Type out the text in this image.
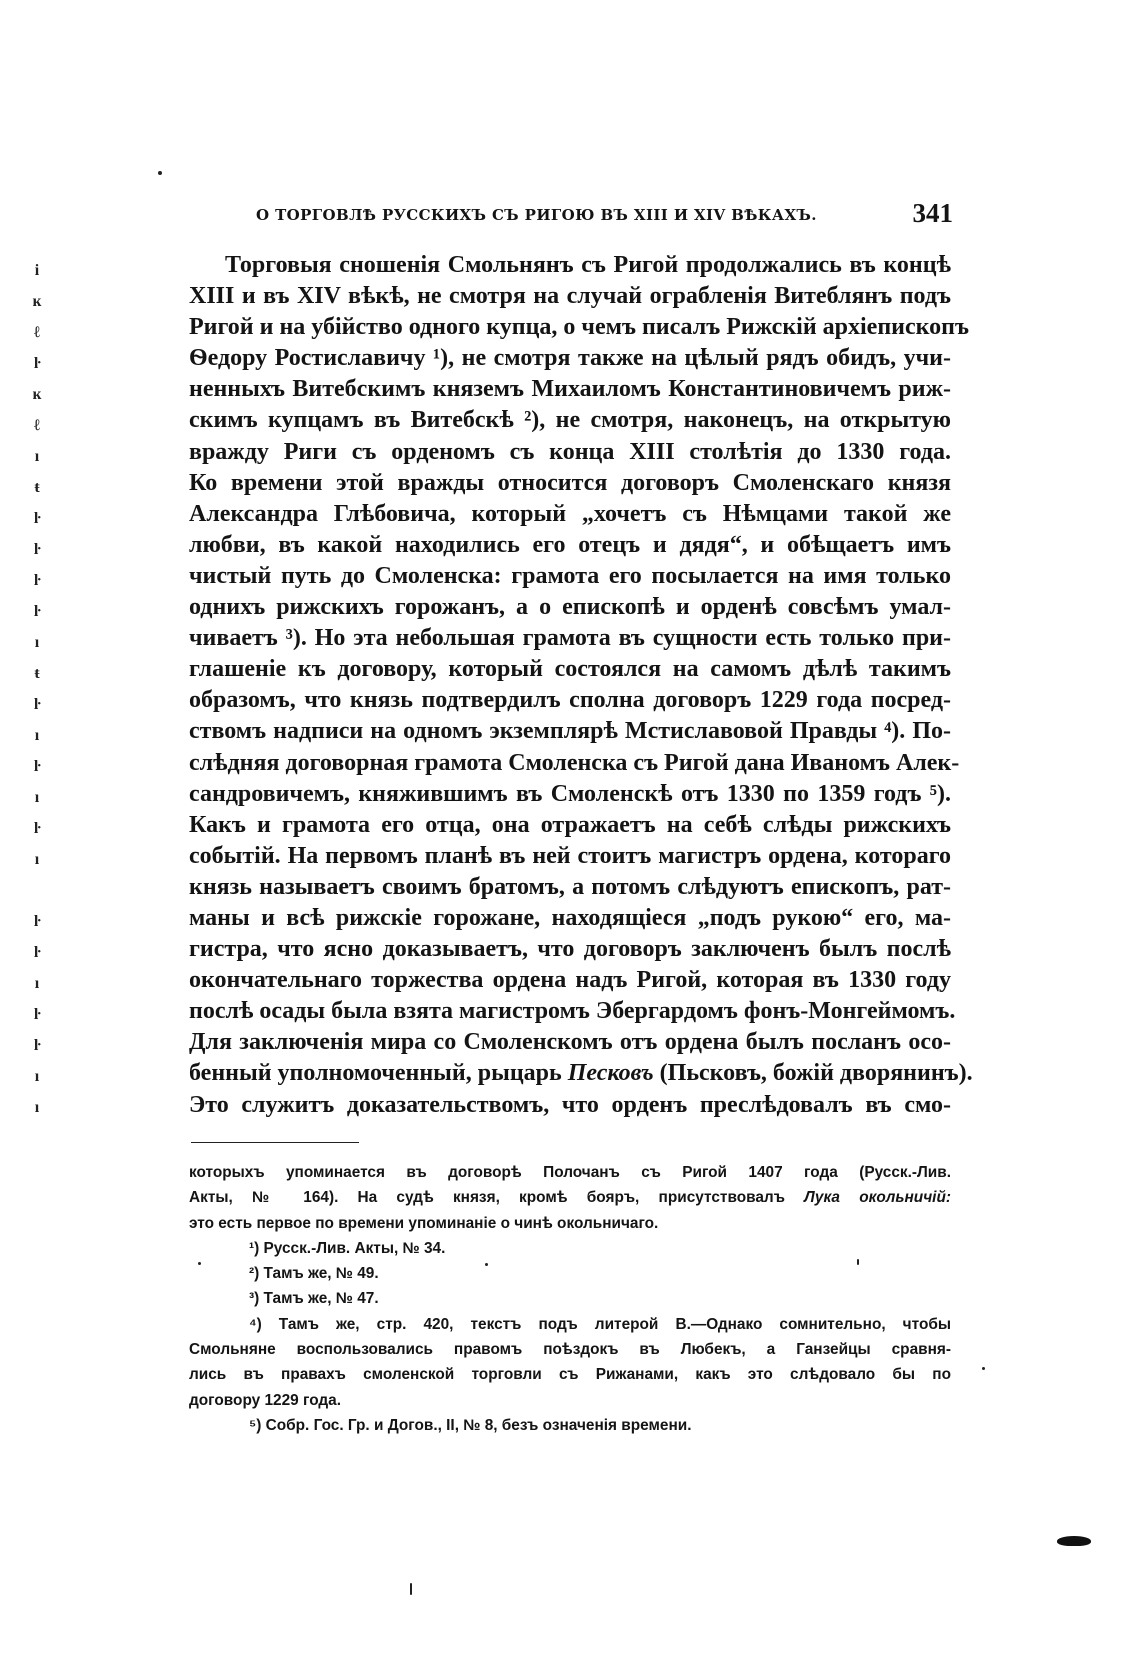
О ТОРГОВЛѢ РУССКИХЪ СЪ РИГОЮ ВЪ XIII И XIV ВѢКАХЪ.	341
i
ĸ
ℓ
ŀ
ĸ
ℓ
ı
ŧ
ŀ
ŀ
ŀ
ŀ
ı
ŧ
ŀ
ı
ŀ
ı
ŀ
ı
ŀ
ŀ
ı
ŀ
ŀ
ı
ı
Торговыя сношенія Смольнянъ съ Ригой продолжались въ концѣ
XIII и въ XIV вѣкѣ, не смотря на случай ограбленія Витеблянъ подъ
Ригой и на убійство одного купца, о чемъ писалъ Рижскій архіепископъ
Ѳедору Ростиславичу ¹), не смотря также на цѣлый рядъ обидъ, учи-
ненныхъ Витебскимъ княземъ Михаиломъ Константиновичемъ риж-
скимъ купцамъ въ Витебскѣ ²), не смотря, наконецъ, на открытую
вражду Риги съ орденомъ съ конца XIII столѣтія до 1330 года.
Ко времени этой вражды относится договоръ Смоленскаго князя
Александра Глѣбовича, который „хочетъ съ Нѣмцами такой же
любви, въ какой находились его отецъ и дядя“, и обѣщаетъ имъ
чистый путь до Смоленска: грамота его посылается на имя только
однихъ рижскихъ горожанъ, а о епископѣ и орденѣ совсѣмъ умал-
чиваетъ ³). Но эта небольшая грамота въ сущности есть только при-
глашеніе къ договору, который состоялся на самомъ дѣлѣ такимъ
образомъ, что князь подтвердилъ сполна договоръ 1229 года посред-
ствомъ надписи на одномъ экземплярѣ Мстиславовой Правды ⁴). По-
слѣдняя договорная грамота Смоленска съ Ригой дана Иваномъ Алек-
сандровичемъ, княжившимъ въ Смоленскѣ отъ 1330 по 1359 годъ ⁵).
Какъ и грамота его отца, она отражаетъ на себѣ слѣды рижскихъ
событій. На первомъ планѣ въ ней стоитъ магистръ ордена, котораго
князь называетъ своимъ братомъ, а потомъ слѣдуютъ епископъ, рат-
маны и всѣ рижскіе горожане, находящіеся „подъ рукою“ его, ма-
гистра, что ясно доказываетъ, что договоръ заключенъ былъ послѣ
окончательнаго торжества ордена надъ Ригой, которая въ 1330 году
послѣ осады была взята магистромъ Эбергардомъ фонъ-Монгеймомъ.
Для заключенія мира со Смоленскомъ отъ ордена былъ посланъ осо-
бенный уполномоченный, рыцарь Песковъ (Пьсковъ, божій дворянинъ).
Это служитъ доказательствомъ, что орденъ преслѣдовалъ въ смо-
которыхъ упоминается въ договорѣ Полочанъ съ Ригой 1407 года (Русск.-Лив.
Акты, № 164). На судѣ князя, кромѣ бояръ, присутствовалъ Лука окольничій:
это есть первое по времени упоминаніе о чинѣ окольничаго.
¹) Русск.-Лив. Акты, № 34.
²) Тамъ же, № 49.
³) Тамъ же, № 47.
⁴) Тамъ же, стр. 420, текстъ подъ литерой В.—Однако сомнительно, чтобы
Смольняне воспользовались правомъ поѣздокъ въ Любекъ, а Ганзейцы сравня-
лись въ правахъ смоленской торговли съ Рижанами, какъ это слѣдовало бы по
договору 1229 года.
⁵) Собр. Гос. Гр. и Догов., II, № 8, безъ означенія времени.
